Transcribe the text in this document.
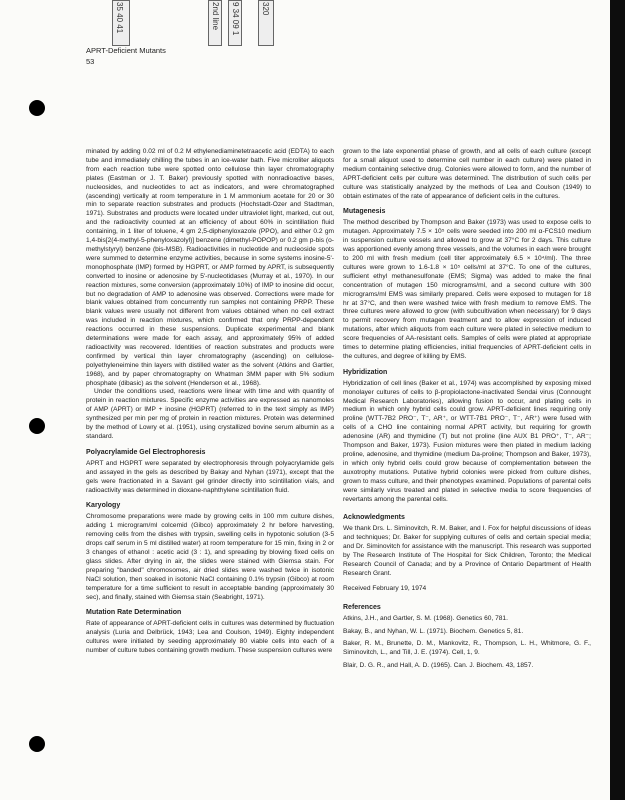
35 40 41	2nd line 9 34 09 1	320
APRT-Deficient Mutants
53

minated by adding 0.02 ml of 0.2 M ethylenediaminetetraacetic acid (EDTA) to each tube and immediately chilling the tubes in an ice-water bath. Five microliter aliquots from each reaction tube were spotted onto cellulose thin layer chromatography plates (Eastman or J. T. Baker) previously spotted with nonradioactive bases, nucleosides, and nucleotides to act as indicators, and were chromatographed (ascending) vertically at room temperature in 1 M ammonium acetate for 20 or 30 min to separate reaction substrates and products (Hochstadt-Ozer and Stadtman, 1971). Substrates and products were located under ultraviolet light, marked, cut out, and the radioactivity counted at an efficiency of about 60% in scintillation fluid containing, in 1 liter of toluene, 4 gm 2,5-diphenyloxazole (PPO), and either 0.2 gm 1,4-bis[2(4-methyl-5-phenyloxazolyl)] benzene (dimethyl-POPOP) or 0.2 gm p-bis (o-methylstyryl) benzene (bis-MSB). Radioactivities in nucleotide and nucleoside spots were summed to determine enzyme activities, because in some systems inosine-5'-monophosphate (IMP) formed by HGPRT, or AMP formed by APRT, is subsequently converted to inosine or adenosine by 5'-nucleotidases (Murray et al., 1970). In our reaction mixtures, some conversion (approximately 10%) of IMP to inosine did occur, but no degradation of AMP to adenosine was observed. Corrections were made for blank values obtained from concurrently run samples not containing PRPP. These blank values were usually not different from values obtained when no cell extract was included in reaction mixtures, which confirmed that only PRPP-dependent reactions occurred in these suspensions. Duplicate experimental and blank determinations were made for each assay, and approximately 95% of added radioactivity was recovered. Identities of reaction substrates and products were confirmed by vertical thin layer chromatography (ascending) on cellulose-polyethyleneimine thin layers with distilled water as the solvent (Atkins and Gartler, 1968), and by paper chromatography on Whatman 3MM paper with 5% sodium phosphate (dibasic) as the solvent (Henderson et al., 1968).

Under the conditions used, reactions were linear with time and with quantity of protein in reaction mixtures. Specific enzyme activities are expressed as nanomoles of AMP (APRT) or IMP + inosine (HGPRT) (referred to in the text simply as IMP) synthesized per min per mg of protein in reaction mixtures. Protein was determined by the method of Lowry et al. (1951), using crystallized bovine serum albumin as a standard.

Polyacrylamide Gel Electrophoresis

APRT and HGPRT were separated by electrophoresis through polyacrylamide gels and assayed in the gels as described by Bakay and Nyhan (1971), except that the gels were fractionated in a Savant gel grinder directly into scintillation vials, and radioactivity was determined in dioxane-naphthylene scintillation fluid.

Karyology

Chromosome preparations were made by growing cells in 100 mm culture dishes, adding 1 microgram/ml colcemid (Gibco) approximately 2 hr before harvesting, removing cells from the dishes with trypsin, swelling cells in hypotonic solution (3-5 drops calf serum in 5 ml distilled water) at room temperature for 15 min, fixing in 2 or 3 changes of ethanol : acetic acid (3 : 1), and spreading by blowing fixed cells on glass slides. After drying in air, the slides were stained with Giemsa stain. For preparing "banded" chromosomes, air dried slides were washed twice in isotonic NaCl solution, then soaked in isotonic NaCl containing 0.1% trypsin (Gibco) at room temperature for a time sufficient to result in acceptable banding (approximately 30 sec), and finally, stained with Giemsa stain (Seabright, 1971).

Mutation Rate Determination

Rate of appearance of APRT-deficient cells in cultures was determined by fluctuation analysis (Luria and Delbrück, 1943; Lea and Coulson, 1949). Eighty independent cultures were initiated by seeding approximately 80 viable cells into each of a number of culture tubes containing growth medium. These suspension cultures were

grown to the late exponential phase of growth, and all cells of each culture (except for a small aliquot used to determine cell number in each culture) were plated in medium containing selective drug. Colonies were allowed to form, and the number of APRT-deficient cells per culture was determined. The distribution of such cells per culture was statistically analyzed by the methods of Lea and Coulson (1949) to obtain estimates of the rate of appearance of deficient cells in the cultures.

Mutagenesis

The method described by Thompson and Baker (1973) was used to expose cells to mutagen. Approximately 7.5 × 10⁵ cells were seeded into 200 ml α-FCS10 medium in suspension culture vessels and allowed to grow at 37°C for 2 days. This culture was apportioned evenly among three vessels, and the volumes in each were brought to 200 ml with fresh medium (cell titer approximately 6.5 × 10⁴/ml). The three cultures were grown to 1.6-1.8 × 10⁵ cells/ml at 37°C. To one of the cultures, sufficient ethyl methanesulfonate (EMS; Sigma) was added to make the final concentration of mutagen 150 micrograms/ml, and a second culture with 300 micrograms/ml EMS was similarly prepared. Cells were exposed to mutagen for 18 hr at 37°C, and then were washed twice with fresh medium to remove EMS. The three cultures were allowed to grow (with subcultivation when necessary) for 9 days to permit recovery from mutagen treatment and to allow expression of induced mutations, after which aliquots from each culture were plated in selective medium to score frequencies of AA-resistant cells. Samples of cells were plated at appropriate times to determine plating efficiencies, initial frequencies of APRT-deficient cells in the cultures, and degree of killing by EMS.

Hybridization

Hybridization of cell lines (Baker et al., 1974) was accomplished by exposing mixed monolayer cultures of cells to β-propiolactone-inactivated Sendai virus (Connought Medical Research Laboratories), allowing fusion to occur, and plating cells in medium in which only hybrid cells could grow. APRT-deficient lines requiring only proline (WTT-7B2 PRO⁻, T⁻, AR⁺, or WTT-7B1 PRO⁻, T⁻, AR⁺) were fused with cells of a CHO line containing normal APRT activity, but requiring for growth adenosine (AR) and thymidine (T) but not proline (line AUX B1 PRO⁺, T⁻, AR⁻; Thompson and Baker, 1973). Fusion mixtures were then plated in medium lacking proline, adenosine, and thymidine (medium Da-proline; Thompson and Baker, 1973), in which only hybrid cells could grow because of complementation between the auxotrophy mutations. Putative hybrid colonies were picked from culture dishes, grown to mass culture, and their phenotypes examined. Populations of parental cells were similarly virus treated and plated in selective media to score frequencies of revertants among the parental cells.

Acknowledgments

We thank Drs. L. Siminovitch, R. M. Baker, and I. Fox for helpful discussions of ideas and techniques; Dr. Baker for supplying cultures of cells and certain special media; and Dr. Siminovitch for assistance with the manuscript. This research was supported by The Research Institute of The Hospital for Sick Children, Toronto; the Medical Research Council of Canada; and by a Province of Ontario Department of Health Research Grant.

Received February 19, 1974

References

Atkins, J.H., and Gartler, S. M. (1968). Genetics 60, 781.

Bakay, B., and Nyhan, W. L. (1971). Biochem. Genetics 5, 81.

Baker, R. M., Brunette, D. M., Mankovitz, R., Thompson, L. H., Whitmore, G. F., Siminovitch, L., and Till, J. E. (1974). Cell, 1, 9.

Blair, D. G. R., and Hall, A. D. (1965). Can. J. Biochem. 43, 1857.
